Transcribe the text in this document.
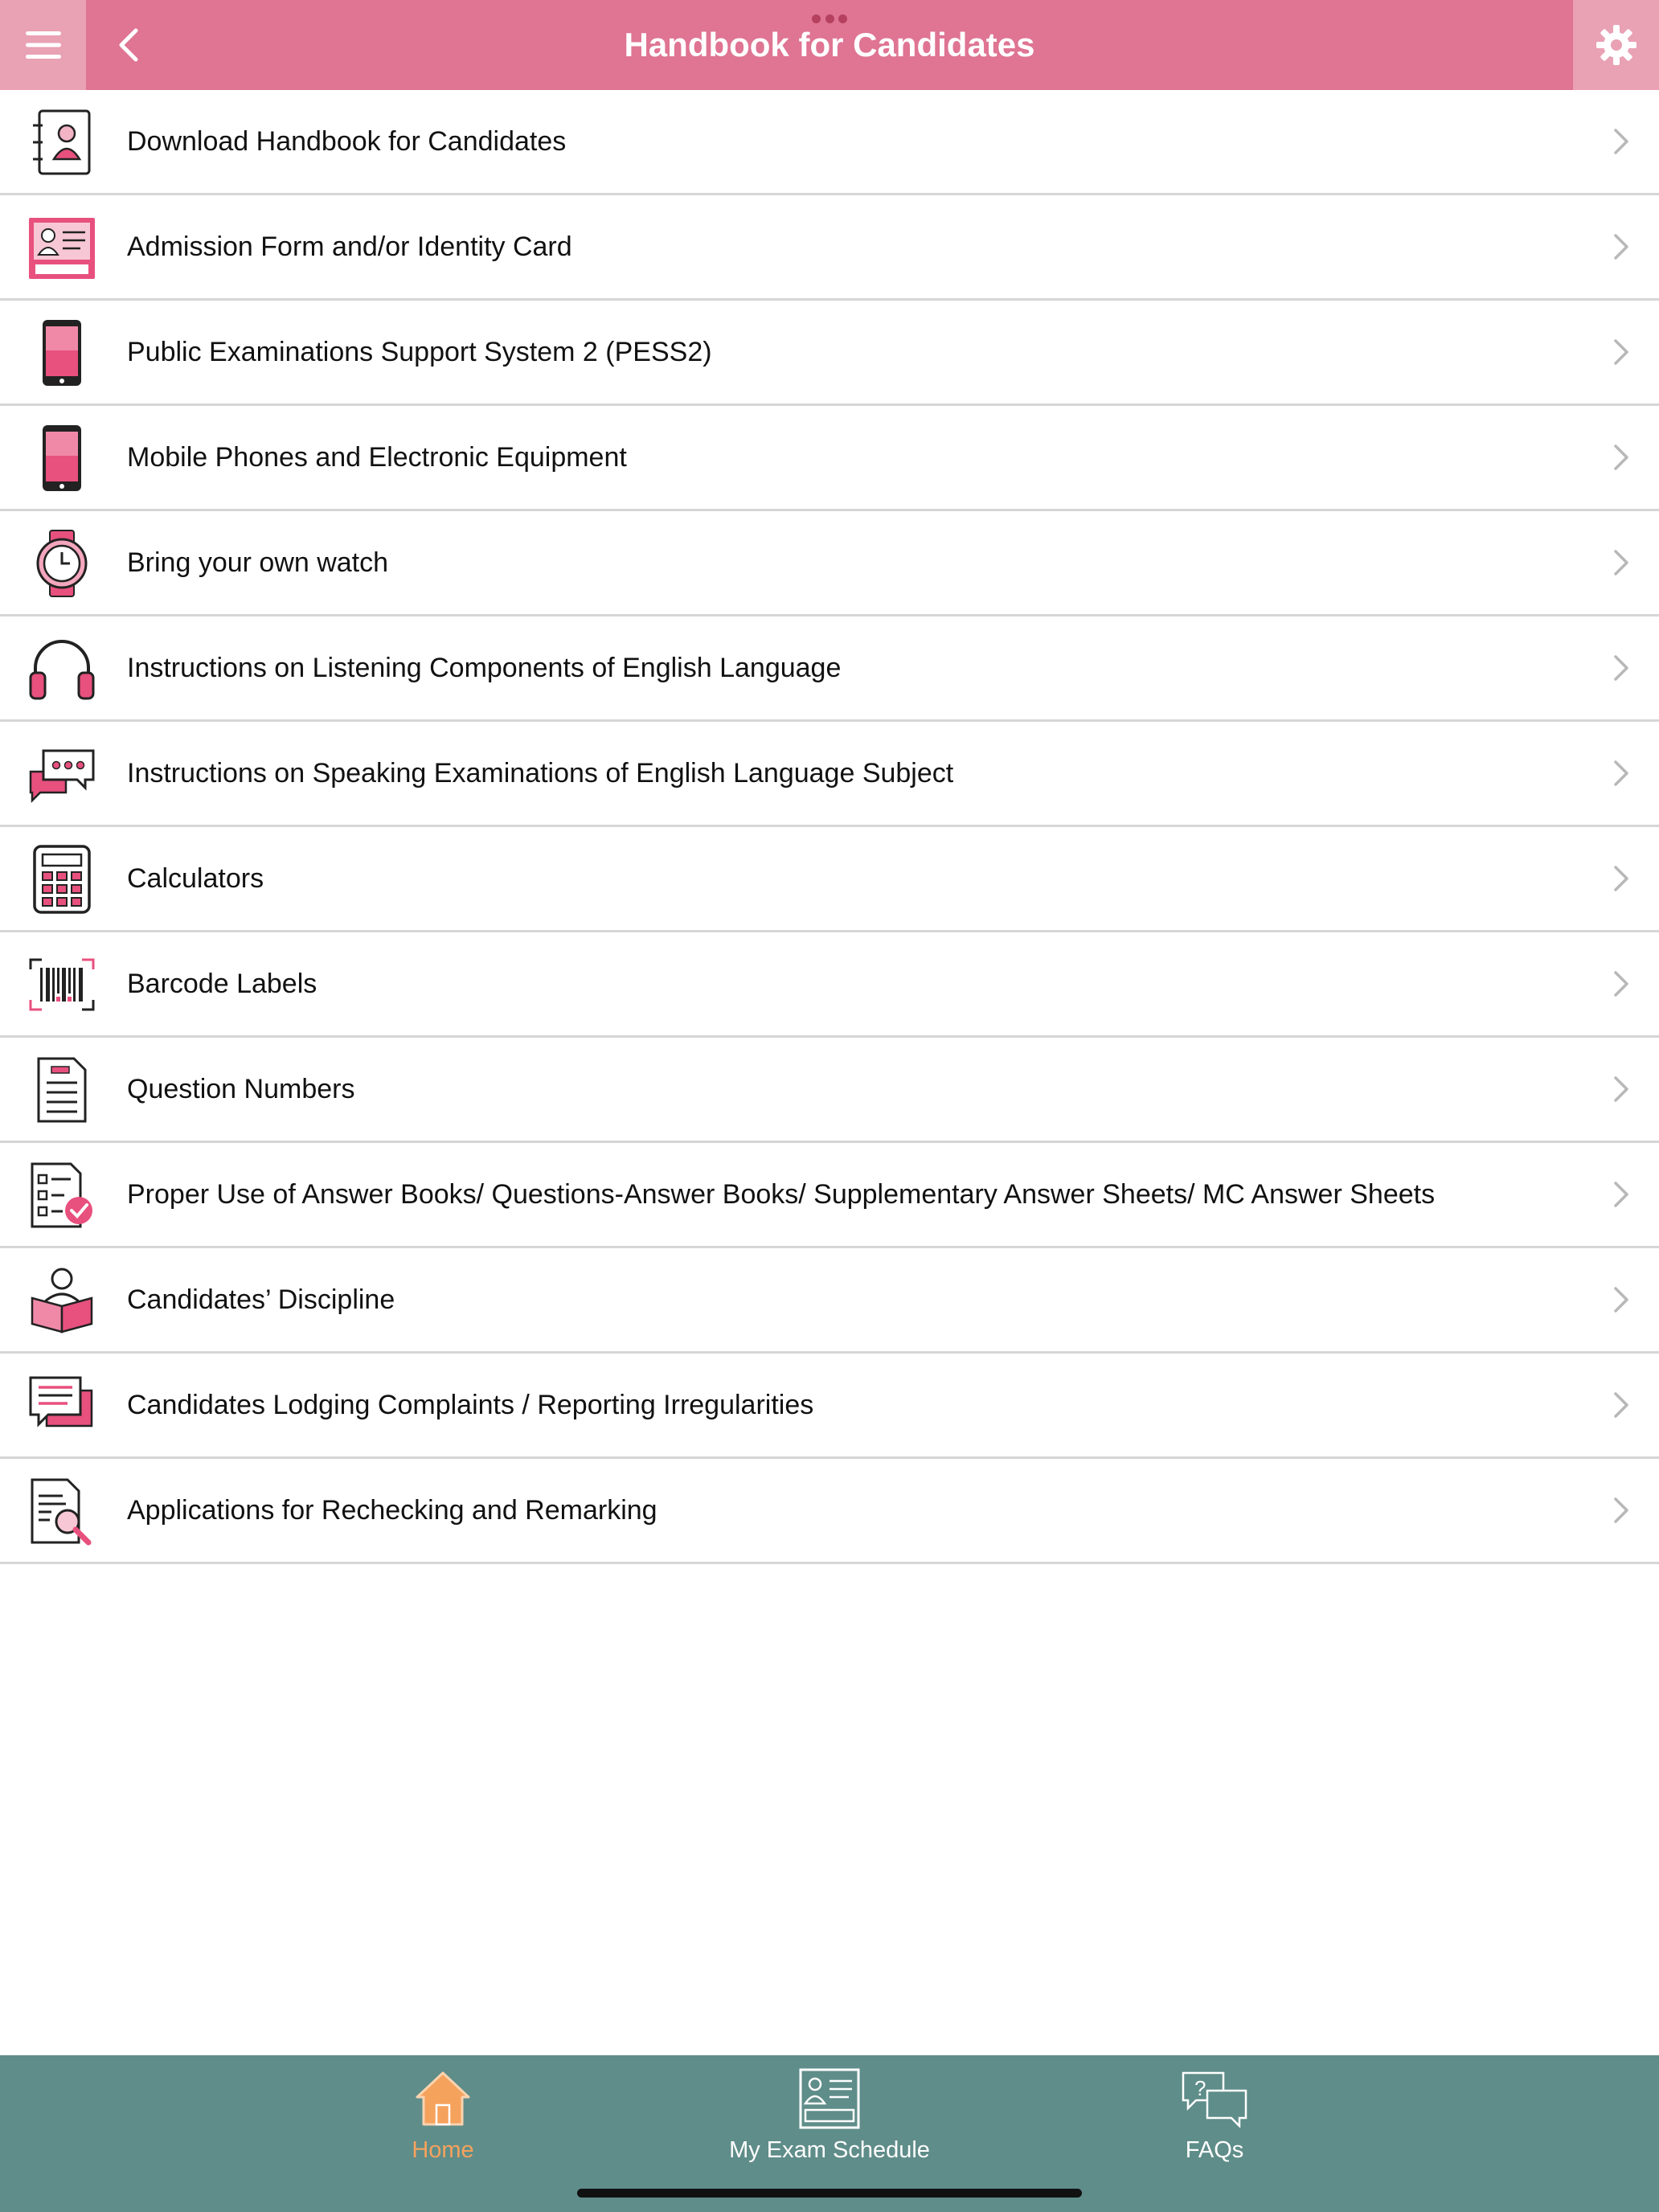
Handbook for Candidates
Download Handbook for Candidates
Admission Form and/or Identity Card
Public Examinations Support System 2 (PESS2)
Mobile Phones and Electronic Equipment
Bring your own watch
Instructions on Listening Components of English Language
Instructions on Speaking Examinations of English Language Subject
Calculators
Barcode Labels
Question Numbers
Proper Use of Answer Books/ Questions-Answer Books/ Supplementary Answer Sheets/ MC Answer Sheets
Candidates’ Discipline
Candidates Lodging Complaints / Reporting Irregularities
Applications for Rechecking and Remarking
Home	My Exam Schedule
?
FAQs
